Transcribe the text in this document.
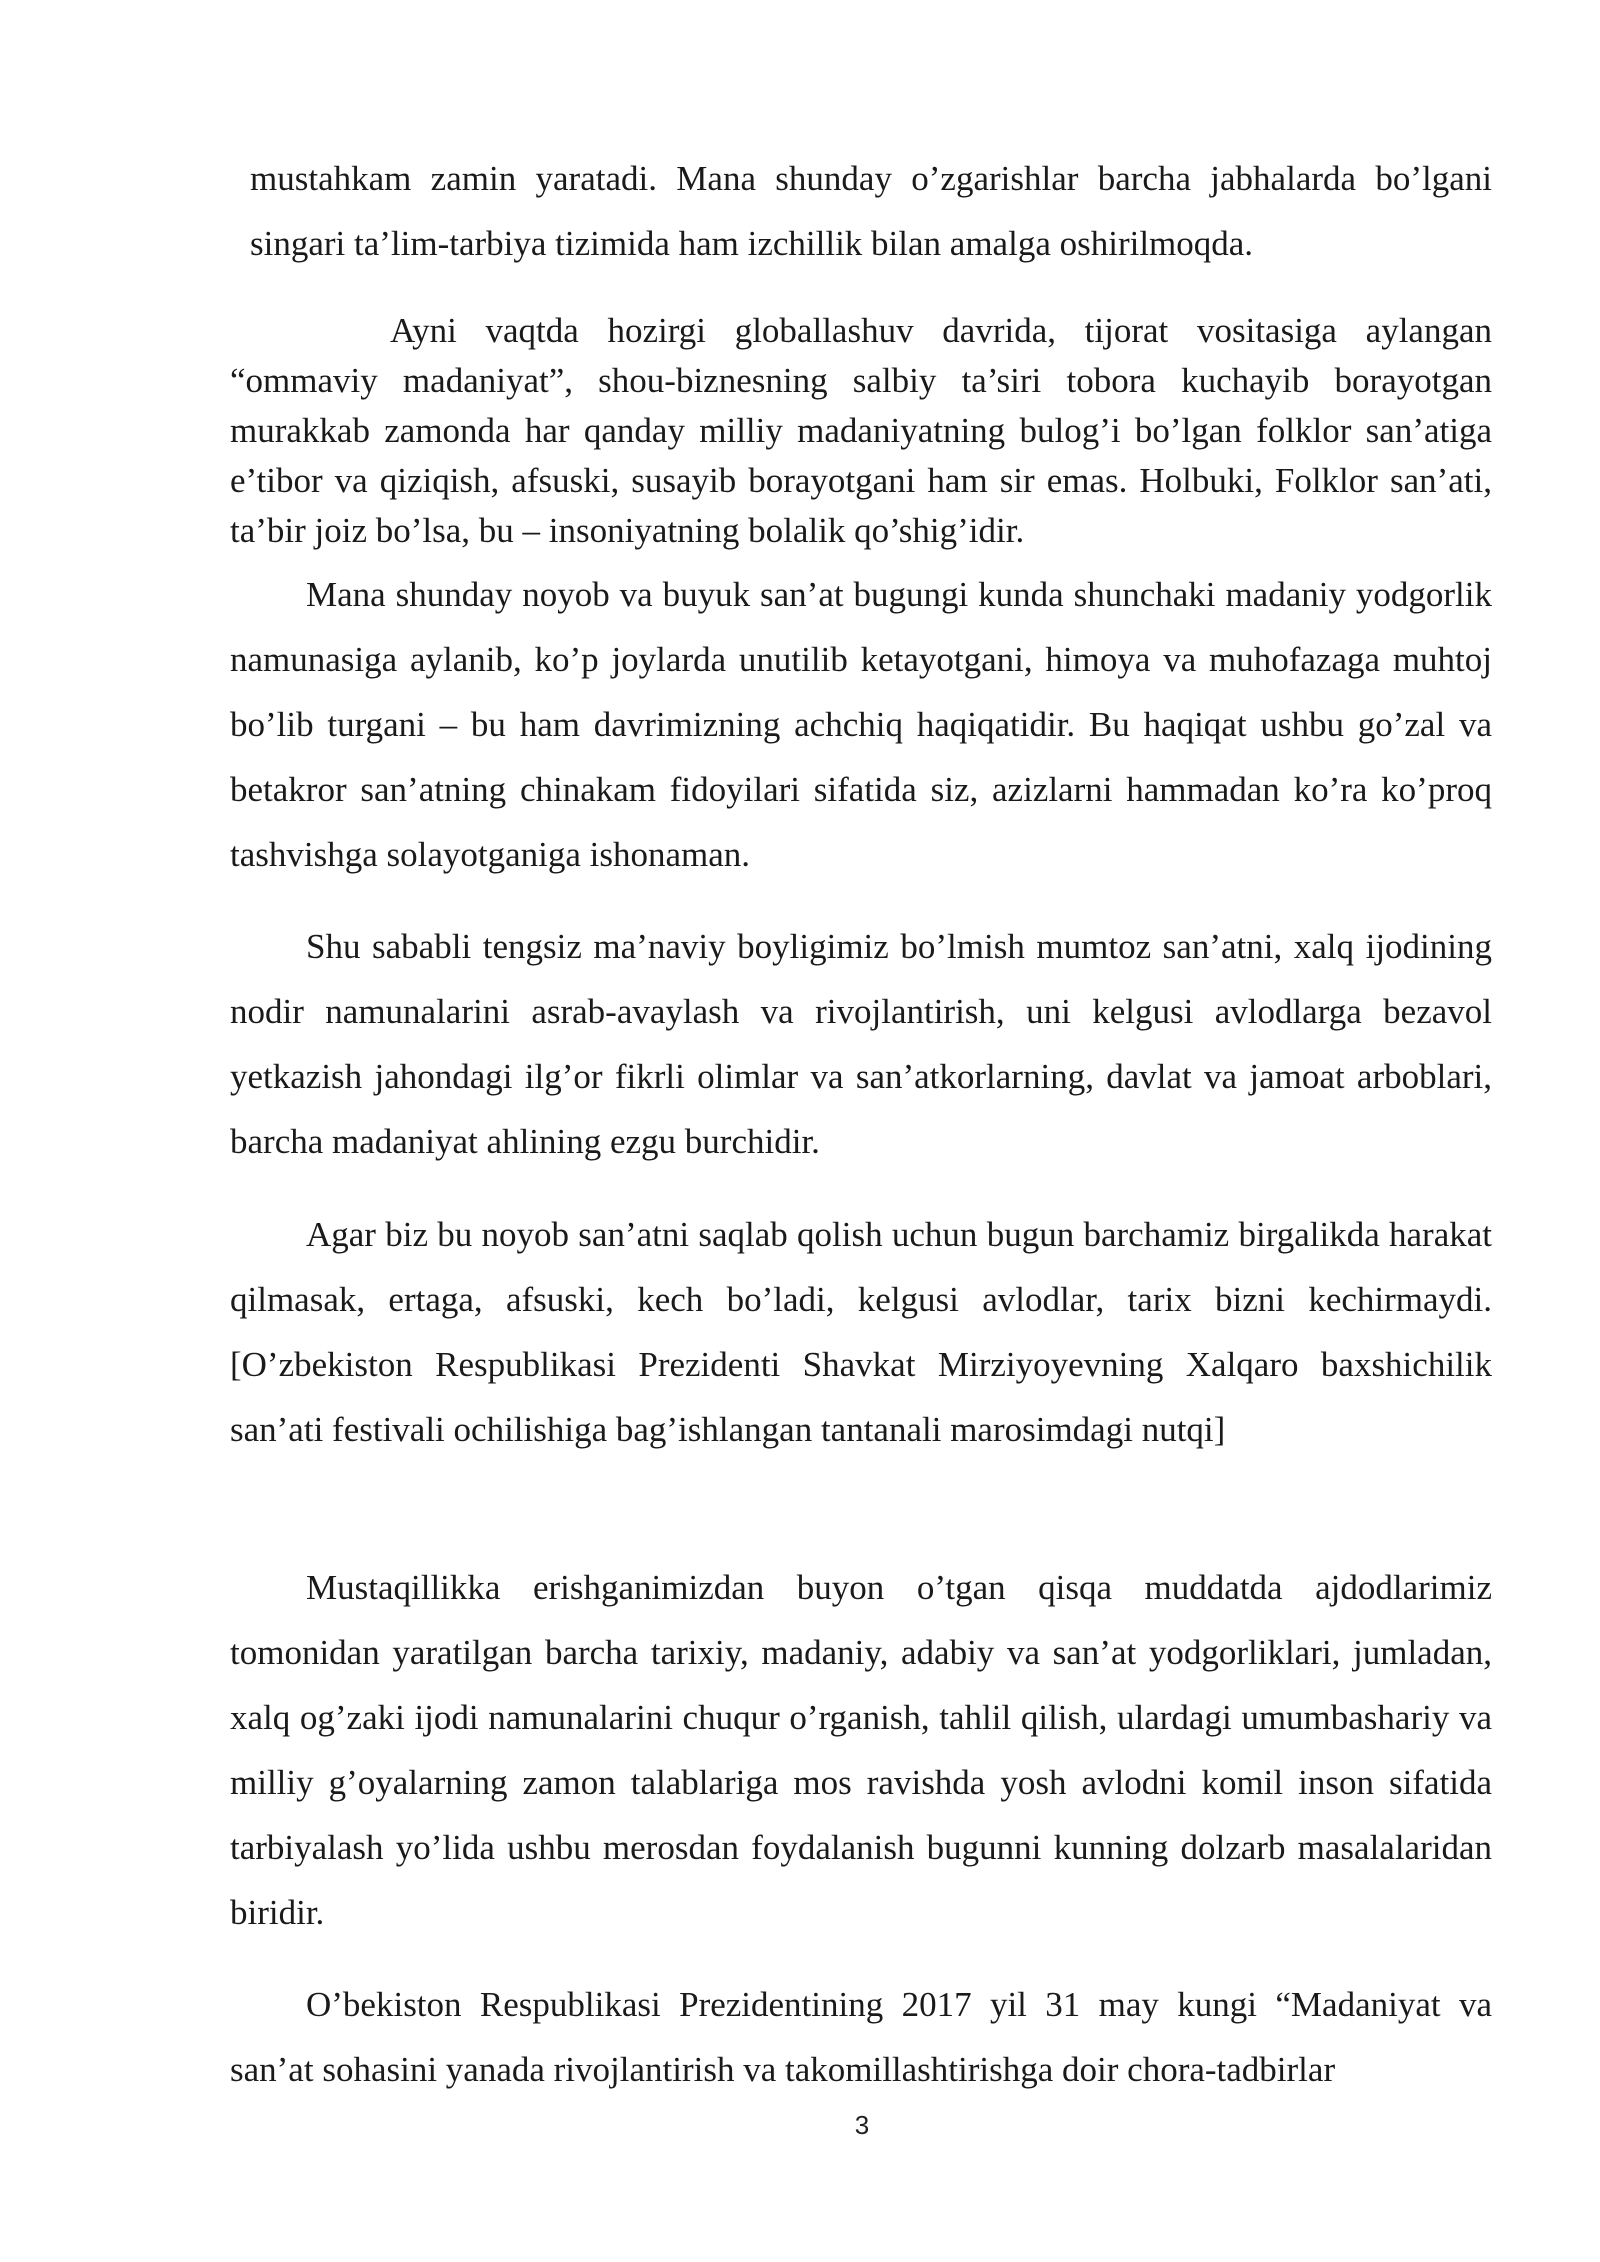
mustahkam zamin yaratadi. Mana shunday o’zgarishlar barcha jabhalarda bo’lgani singari ta’lim-tarbiya tizimida ham izchillik bilan amalga oshirilmoqda.

Ayni vaqtda hozirgi globallashuv davrida, tijorat vositasiga aylangan “ommaviy madaniyat”, shou-biznesning salbiy ta’siri tobora kuchayib borayotgan murakkab zamonda har qanday milliy madaniyatning bulog’i bo’lgan folklor san’atiga e’tibor va qiziqish, afsuski, susayib borayotgani ham sir emas. Holbuki, Folklor san’ati, ta’bir joiz bo’lsa, bu – insoniyatning bolalik qo’shig’idir.

Mana shunday noyob va buyuk san’at bugungi kunda shunchaki madaniy yodgorlik namunasiga aylanib, ko’p joylarda unutilib ketayotgani, himoya va muhofazaga muhtoj bo’lib turgani – bu ham davrimizning achchiq haqiqatidir. Bu haqiqat ushbu go’zal va betakror san’atning chinakam fidoyilari sifatida siz, azizlarni hammadan ko’ra ko’proq tashvishga solayotganiga ishonaman.

Shu sababli tengsiz ma’naviy boyligimiz bo’lmish mumtoz san’atni, xalq ijodining nodir namunalarini asrab-avaylash va rivojlantirish, uni kelgusi avlodlarga bezavol yetkazish jahondagi ilg’or fikrli olimlar va san’atkorlarning, davlat va jamoat arboblari, barcha madaniyat ahlining ezgu burchidir.

Agar biz bu noyob san’atni saqlab qolish uchun bugun barchamiz birgalikda harakat qilmasak, ertaga, afsuski, kech bo’ladi, kelgusi avlodlar, tarix bizni kechirmaydi. [O’zbekiston Respublikasi Prezidenti Shavkat Mirziyoyevning Xalqaro baxshichilik san’ati festivali ochilishiga bag’ishlangan tantanali marosimdagi nutqi]

Mustaqillikka erishganimizdan buyon o’tgan qisqa muddatda ajdodlarimiz tomonidan yaratilgan barcha tarixiy, madaniy, adabiy va san’at yodgorliklari, jumladan, xalq og’zaki ijodi namunalarini chuqur o’rganish, tahlil qilish, ulardagi umumbashariy va milliy g’oyalarning zamon talablariga mos ravishda yosh avlodni komil inson sifatida tarbiyalash yo’lida ushbu merosdan foydalanish bugunni kunning dolzarb masalalaridan biridir.

O’bekiston Respublikasi Prezidentining 2017 yil 31 may kungi “Madaniyat va san’at sohasini yanada rivojlantirish va takomillashtirishga doir chora-tadbirlar

3
